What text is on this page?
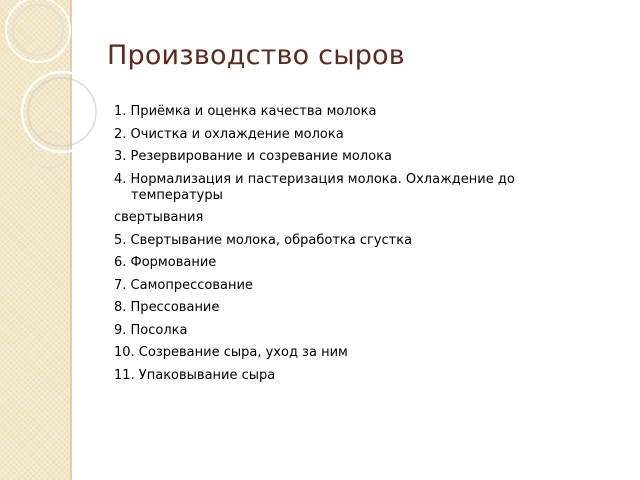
Производство сыров
1. Приёмка и оценка качества молока
2. Очистка и охлаждение молока
3. Резервирование и созревание молока
4. Нормализация и пастеризация молока. Охлаждение до температуры
свертывания
5. Свертывание молока, обработка сгустка
6. Формование
7. Самопрессование
8. Прессование
9. Посолка
10. Созревание сыра, уход за ним
11. Упаковывание сыра
